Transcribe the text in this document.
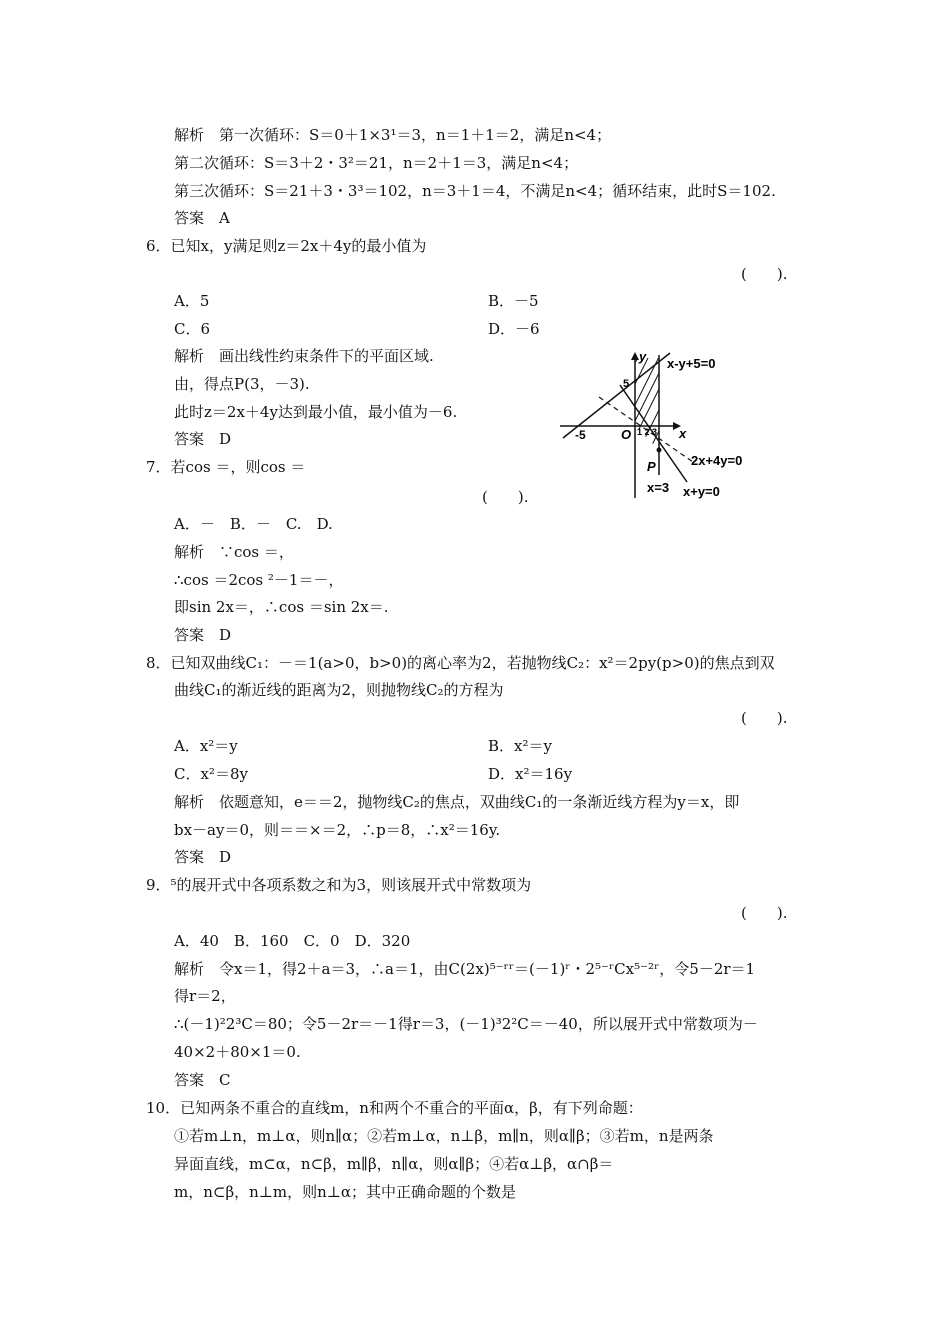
解析　第一次循环：S＝0＋1×3¹＝3，n＝1＋1＝2，满足n<4；
第二次循环：S＝3＋2・3²＝21，n＝2＋1＝3，满足n<4；
第三次循环：S＝21＋3・3³＝102，n＝3＋1＝4，不满足n<4；循环结束，此时S＝102.
答案　A
6．已知x，y满足则z＝2x＋4y的最小值为
(　　).
A．5	B．－5
C．6	D．－6
解析　画出线性约束条件下的平面区域.
由，得点P(3，－3).
此时z＝2x＋4y达到最小值，最小值为－6.
答案　D
7．若cos ＝，则cos ＝
(　　).
A．－　B．－　C.　D.
解析　∵cos ＝，
∴cos ＝2cos ²－1＝－，
即sin 2x＝，∴cos ＝sin 2x＝.
答案　D
8．已知双曲线C₁：－＝1(a>0，b>0)的离心率为2，若抛物线C₂：x²＝2py(p>0)的焦点到双
曲线C₁的渐近线的距离为2，则抛物线C₂的方程为
(　　).
A．x²＝y	B．x²＝y
C．x²＝8y	D．x²＝16y
解析　依题意知，e＝＝2，抛物线C₂的焦点，双曲线C₁的一条渐近线方程为y＝x，即
bx－ay＝0，则＝＝×＝2，∴p＝8，∴x²＝16y.
答案　D
9．⁵的展开式中各项系数之和为3，则该展开式中常数项为
(　　).
A．40　B．160　C．0　D．320
解析　令x＝1，得2＋a＝3，∴a＝1，由C(2x)⁵⁻ʳʳ＝(－1)ʳ・2⁵⁻ʳCx⁵⁻²ʳ，令5－2r＝1
得r＝2，
∴(－1)²2³C＝80；令5－2r＝－1得r＝3，(－1)³2²C＝－40，所以展开式中常数项为－
40×2＋80×1＝0.
答案　C
10．已知两条不重合的直线m，n和两个不重合的平面α，β，有下列命题：
①若m⊥n，m⊥α，则n∥α；②若m⊥α，n⊥β，m∥n，则α∥β；③若m，n是两条
异面直线，m⊂α，n⊂β，m∥β，n∥α，则α∥β；④若α⊥β，α∩β＝
m，n⊂β，n⊥m，则n⊥α；其中正确命题的个数是
y
x
O
-5
5
1 2 3
P
x-y+5=0
2x+4y=0
x=3 x+y=0
